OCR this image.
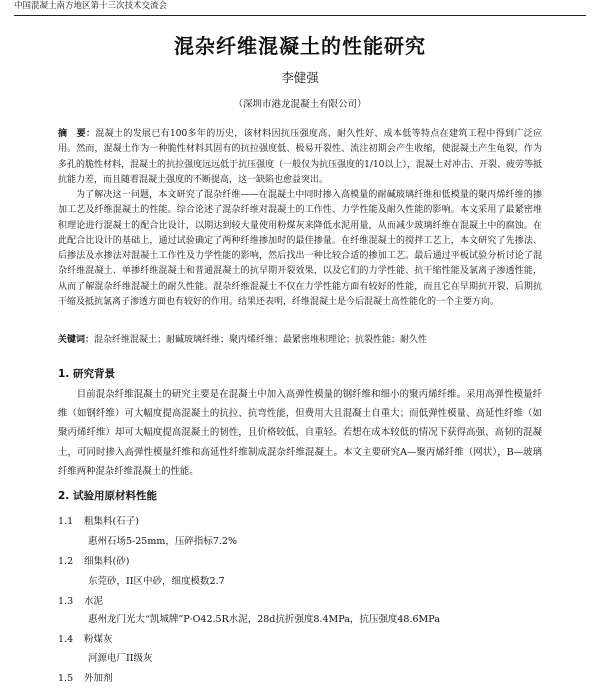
中国混凝土南方地区第十三次技术交流会
混杂纤维混凝土的性能研究
李健强
（深圳市港龙混凝土有限公司）

摘　要：混凝土的发展已有100多年的历史，该材料因抗压强度高、耐久性好、成本低等特点在建筑工程中得到广泛应用。然而，混凝土作为一种脆性材料其固有的抗拉强度低、极易开裂性、流注初期会产生收缩，使混凝土产生龟裂，作为多孔的脆性材料，混凝土的抗拉强度远远低于抗压强度（一般仅为抗压强度的1/10以上），混凝土对冲击、开裂、疲劳等抵抗能力差，而且随着混凝土强度的不断提高，这一缺陷也愈益突出。

为了解决这一问题，本文研究了混杂纤维——在混凝土中同时掺入高模量的耐碱玻璃纤维和低模量的聚丙烯纤维的掺加工艺及纤维混凝土的性能。综合论述了混杂纤维对混凝土的工作性、力学性能及耐久性能的影响。本文采用了最紧密堆积理论进行混凝土的配合比设计，以期达到较大量使用粉煤灰来降低水泥用量，从而减少玻璃纤维在混凝土中的腐蚀。在此配合比设计的基础上，通过试验确定了两种纤维掺加时的最佳掺量。在纤维混凝土的搅拌工艺上，本文研究了先掺法、后掺法及水掺法对混凝土工作性及力学性能的影响，然后找出一种比较合适的掺加工艺。最后通过平板试验分析讨论了混杂纤维混凝土、单掺纤维混凝土和普通混凝土的抗早期开裂效果，以及它们的力学性能、抗干缩性能及氯离子渗透性能，从而了解混杂纤维混凝土的耐久性能。混杂纤维混凝土不仅在力学性能方面有较好的性能，而且它在早期抗开裂、后期抗干缩及抵抗氯离子渗透方面也有较好的作用。结果还表明，纤维混凝土是今后混凝土高性能化的一个主要方向。

关键词：混杂纤维混凝土；耐碱玻璃纤维；聚丙烯纤维；最紧密堆积理论；抗裂性能；耐久性
1. 研究背景

目前混杂纤维混凝土的研究主要是在混凝土中加入高弹性模量的钢纤维和细小的聚丙烯纤维。采用高弹性模量纤维（如钢纤维）可大幅度提高混凝土的抗拉、抗弯性能，但费用大且混凝土自重大；而低弹性模量、高延性纤维（如聚丙烯纤维）却可大幅度提高混凝土的韧性，且价格较低、自重轻。若想在成本较低的情况下获得高强、高韧的混凝土，可同时掺入高弹性模量纤维和高延性纤维制成混杂纤维混凝土。本文主要研究A—聚丙烯纤维（网状），B—玻璃纤维两种混杂纤维混凝土的性能。

2. 试验用原材料性能
1.1 粗集料(石子)
惠州石场5-25mm，压碎指标7.2%
1.2 细集料(砂)
东莞砂，II区中砂，细度模数2.7
1.3 水泥
惠州龙门光大“凯城牌”P·O42.5R水泥，28d抗折强度8.4MPa，抗压强度48.6MPa
1.4 粉煤灰
河源电厂II级灰
1.5 外加剂
